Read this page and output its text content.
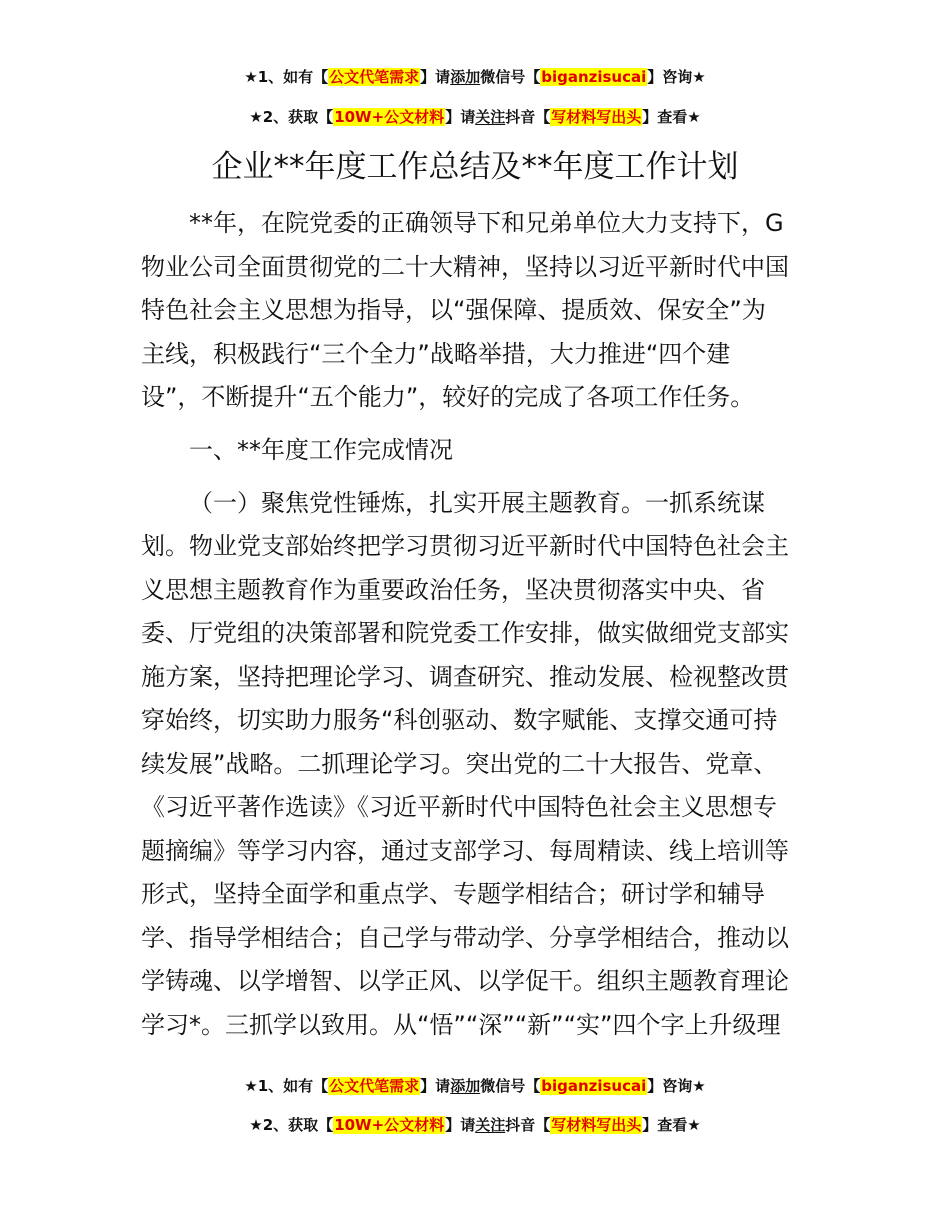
★1、如有【公文代笔需求】请添加微信号【biganzisucai】咨询★
★2、获取【10W+公文材料】请关注抖音【写材料写出头】查看★
企业**年度工作总结及**年度工作计划
**年，在院党委的正确领导下和兄弟单位大力支持下，G
物业公司全面贯彻党的二十大精神，坚持以习近平新时代中国
特色社会主义思想为指导，以“强保障、提质效、保安全”为
主线，积极践行“三个全力”战略举措，大力推进“四个建
设”，不断提升“五个能力”，较好的完成了各项工作任务。
一、**年度工作完成情况
（一）聚焦党性锤炼，扎实开展主题教育。一抓系统谋
划。物业党支部始终把学习贯彻习近平新时代中国特色社会主
义思想主题教育作为重要政治任务，坚决贯彻落实中央、省
委、厅党组的决策部署和院党委工作安排，做实做细党支部实
施方案，坚持把理论学习、调查研究、推动发展、检视整改贯
穿始终，切实助力服务“科创驱动、数字赋能、支撑交通可持
续发展”战略。二抓理论学习。突出党的二十大报告、党章、
《习近平著作选读》《习近平新时代中国特色社会主义思想专
题摘编》等学习内容，通过支部学习、每周精读、线上培训等
形式，坚持全面学和重点学、专题学相结合；研讨学和辅导
学、指导学相结合；自己学与带动学、分享学相结合，推动以
学铸魂、以学增智、以学正风、以学促干。组织主题教育理论
学习*。三抓学以致用。从“悟”“深”“新”“实”四个字上升级理
★1、如有【公文代笔需求】请添加微信号【biganzisucai】咨询★
★2、获取【10W+公文材料】请关注抖音【写材料写出头】查看★
